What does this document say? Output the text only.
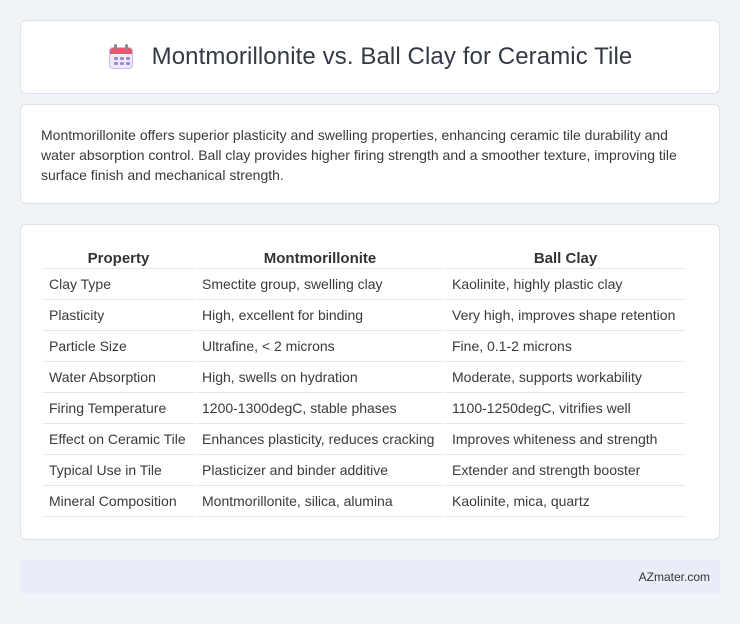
Montmorillonite vs. Ball Clay for Ceramic Tile

Montmorillonite offers superior plasticity and swelling properties, enhancing ceramic tile durability and water absorption control. Ball clay provides higher firing strength and a smoother texture, improving tile surface finish and mechanical strength.

Property	Montmorillonite	Ball Clay
Clay Type	Smectite group, swelling clay	Kaolinite, highly plastic clay
Plasticity	High, excellent for binding	Very high, improves shape retention
Particle Size	Ultrafine, < 2 microns	Fine, 0.1-2 microns
Water Absorption	High, swells on hydration	Moderate, supports workability
Firing Temperature	1200-1300degC, stable phases	1100-1250degC, vitrifies well
Effect on Ceramic Tile	Enhances plasticity, reduces cracking	Improves whiteness and strength
Typical Use in Tile	Plasticizer and binder additive	Extender and strength booster
Mineral Composition	Montmorillonite, silica, alumina	Kaolinite, mica, quartz
AZmater.com
